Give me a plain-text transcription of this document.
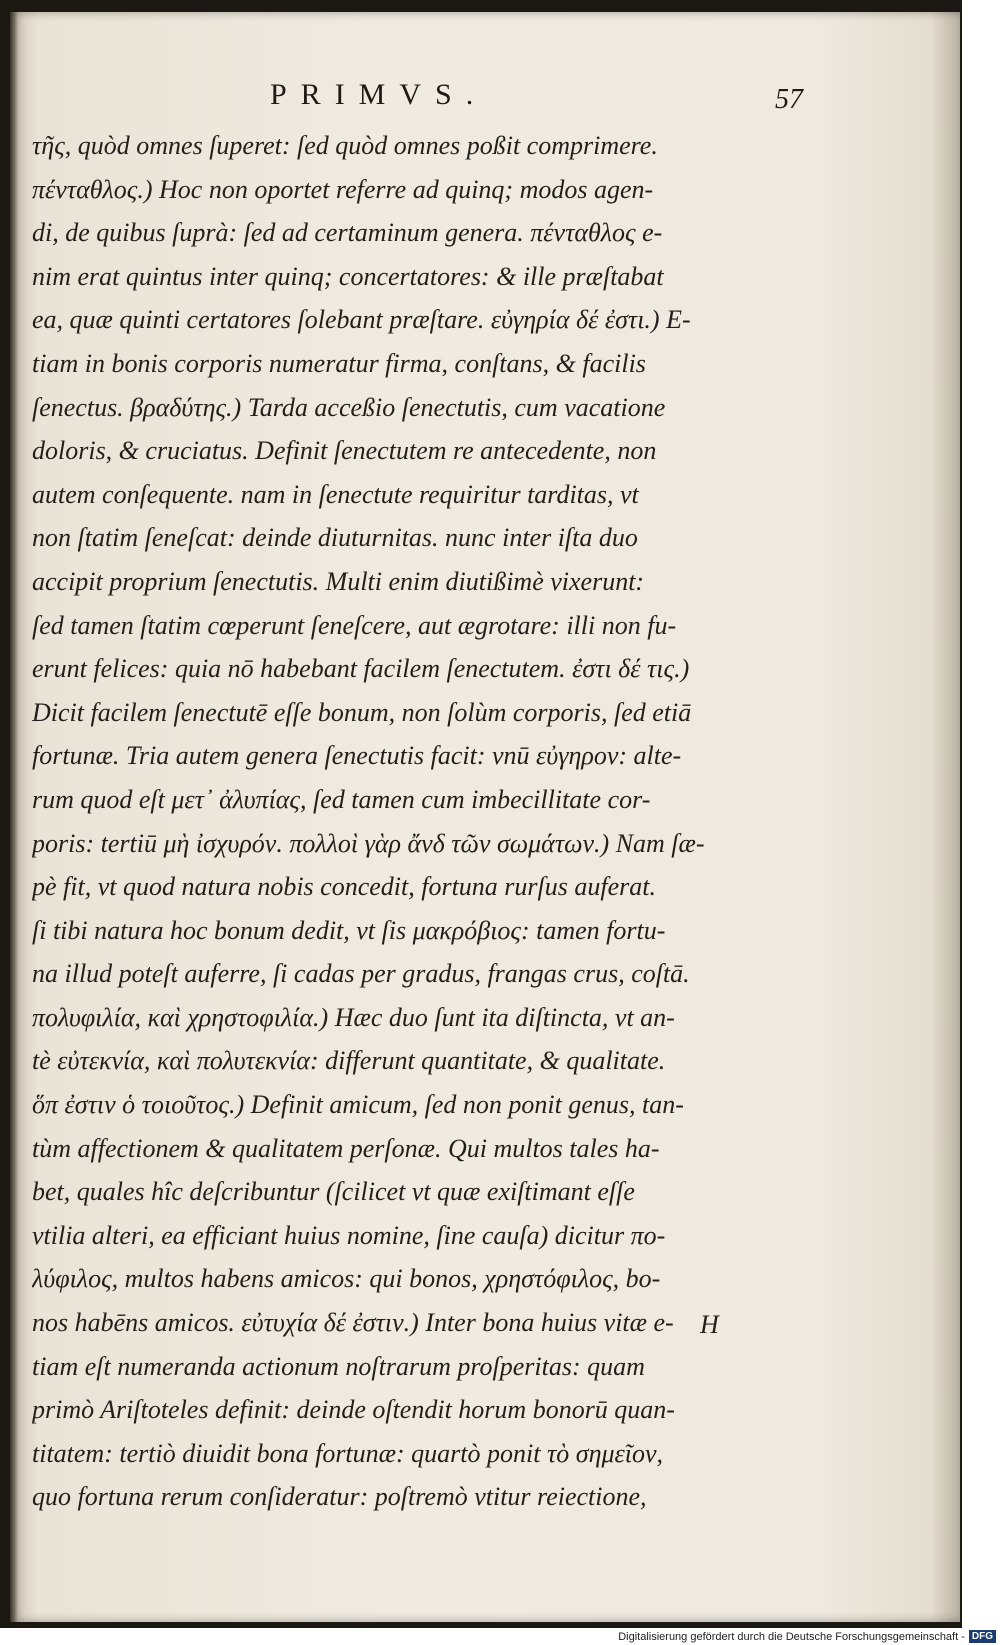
PRIMVS.	57
τῆς, quòd omnes ſuperet: ſed quòd omnes poßit comprimere.
πένταθλος.) Hoc non oportet referre ad quinq; modos agen-
di, de quibus ſuprà: ſed ad certaminum genera. πένταθλος e-
nim erat quintus inter quinq; concertatores: & ille præſtabat
ea, quæ quinti certatores ſolebant præſtare. εὐγηρία δέ ἐστι.) E-
tiam in bonis corporis numeratur firma, conſtans, & facilis
ſenectus. βραδύτης.) Tarda acceßio ſenectutis, cum vacatione
doloris, & cruciatus. Definit ſenectutem re antecedente, non
autem conſequente. nam in ſenectute requiritur tarditas, vt
non ſtatim ſeneſcat: deinde diuturnitas. nunc inter iſta duo
accipit proprium ſenectutis. Multi enim diutißimè vixerunt:
ſed tamen ſtatim cœperunt ſeneſcere, aut ægrotare: illi non fu-
erunt felices: quia nō habebant facilem ſenectutem. ἐστι δέ τις.)
Dicit facilem ſenectutē eſſe bonum, non ſolùm corporis, ſed etiā
fortunæ. Tria autem genera ſenectutis facit: vnū εὐγηρον: alte-
rum quod eſt μετ᾽ ἀλυπίας, ſed tamen cum imbecillitate cor-
poris: tertiū μὴ ἰσχυρόν. πολλοὶ γὰρ ἄνδ τῶν σωμάτων.) Nam ſæ-
pè fit, vt quod natura nobis concedit, fortuna rurſus auferat.
ſi tibi natura hoc bonum dedit, vt ſis μακρόβιος: tamen fortu-
na illud poteſt auferre, ſi cadas per gradus, frangas crus, coſtā.
πολυφιλία, καὶ χρηστοφιλία.) Hæc duo ſunt ita diſtincta, vt an-
tè εὐτεκνία, καὶ πολυτεκνία: differunt quantitate, & qualitate.
ὅπ ἐστιν ὁ τοιοῦτος.) Definit amicum, ſed non ponit genus, tan-
tùm affectionem & qualitatem perſonæ. Qui multos tales ha-
bet, quales hîc deſcribuntur (ſcilicet vt quæ exiſtimant eſſe
vtilia alteri, ea efficiant huius nomine, ſine cauſa) dicitur πο-
λύφιλος, multos habens amicos: qui bonos, χρηστόφιλος, bo-
nos habēns amicos. εὐτυχία δέ ἐστιν.) Inter bona huius vitæ e-
tiam eſt numeranda actionum noſtrarum proſperitas: quam
primò Ariſtoteles definit: deinde oſtendit horum bonorū quan-
titatem: tertiò diuidit bona fortunæ: quartò ponit τὸ σημεῖον,
quo fortuna rerum conſideratur: poſtremò vtitur reiectione,
H
Digitalisierung gefördert durch die Deutsche Forschungsgemeinschaft - DFG
